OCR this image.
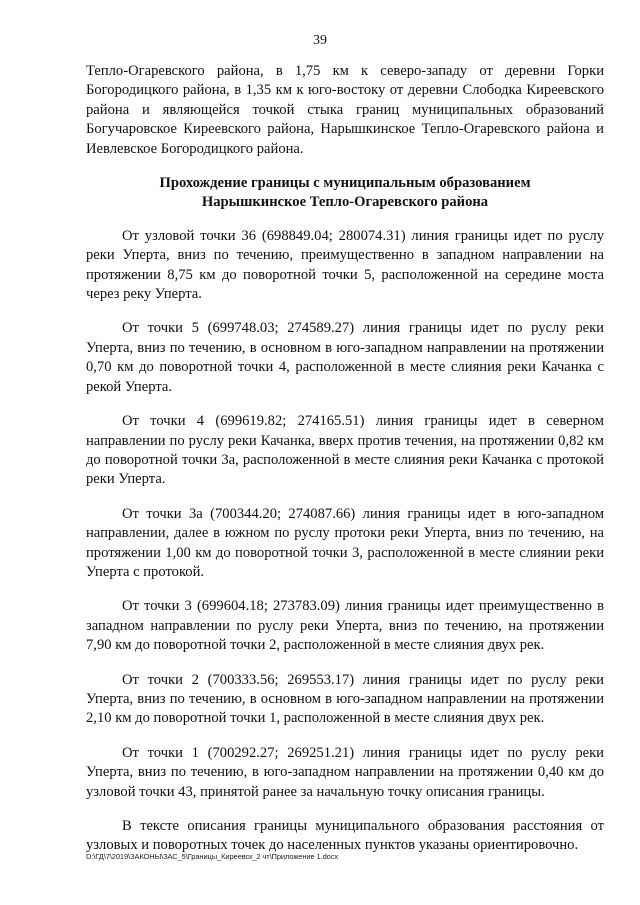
39

Тепло-Огаревского района, в 1,75 км к северо-западу от деревни Горки Богородицкого района, в 1,35 км к юго-востоку от деревни Слободка Киреевского района и являющейся точкой стыка границ муниципальных образований Богучаровское Киреевского района, Нарышкинское Тепло-Огаревского района и Иевлевское Богородицкого района.

Прохождение границы с муниципальным образованием
Нарышкинское Тепло-Огаревского района

От узловой точки 36 (698849.04; 280074.31) линия границы идет по руслу реки Уперта, вниз по течению, преимущественно в западном направлении на протяжении 8,75 км до поворотной точки 5, расположенной на середине моста через реку Уперта.

От точки 5 (699748.03; 274589.27) линия границы идет по руслу реки Уперта, вниз по течению, в основном в юго-западном направлении на протяжении 0,70 км до поворотной точки 4, расположенной в месте слияния реки Качанка с рекой Уперта.

От точки 4 (699619.82; 274165.51) линия границы идет в северном направлении по руслу реки Качанка, вверх против течения, на протяжении 0,82 км до поворотной точки 3а, расположенной в месте слияния реки Качанка с протокой реки Уперта.

От точки 3а (700344.20; 274087.66) линия границы идет в юго-западном направлении, далее в южном по руслу протоки реки Уперта, вниз по течению, на протяжении 1,00 км до поворотной точки 3, расположенной в месте слиянии реки Уперта с протокой.

От точки 3 (699604.18; 273783.09) линия границы идет преимущественно в западном направлении по руслу реки Уперта, вниз по течению, на протяжении 7,90 км до поворотной точки 2, расположенной в месте слияния двух рек.

От точки 2 (700333.56; 269553.17) линия границы идет по руслу реки Уперта, вниз по течению, в основном в юго-западном направлении на протяжении 2,10 км до поворотной точки 1, расположенной в месте слияния двух рек.

От точки 1 (700292.27; 269251.21) линия границы идет по руслу реки Уперта, вниз по течению, в юго-западном направлении на протяжении 0,40 км до узловой точки 43, принятой ранее за начальную точку описания границы.

В тексте описания границы муниципального образования расстояния от узловых и поворотных точек до населенных пунктов указаны ориентировочно.

D:\ГД\7\2019\ЗАКОНЫ\ЗАС_5\Границы_Киреевск_2 чт\Приложение 1.docx
